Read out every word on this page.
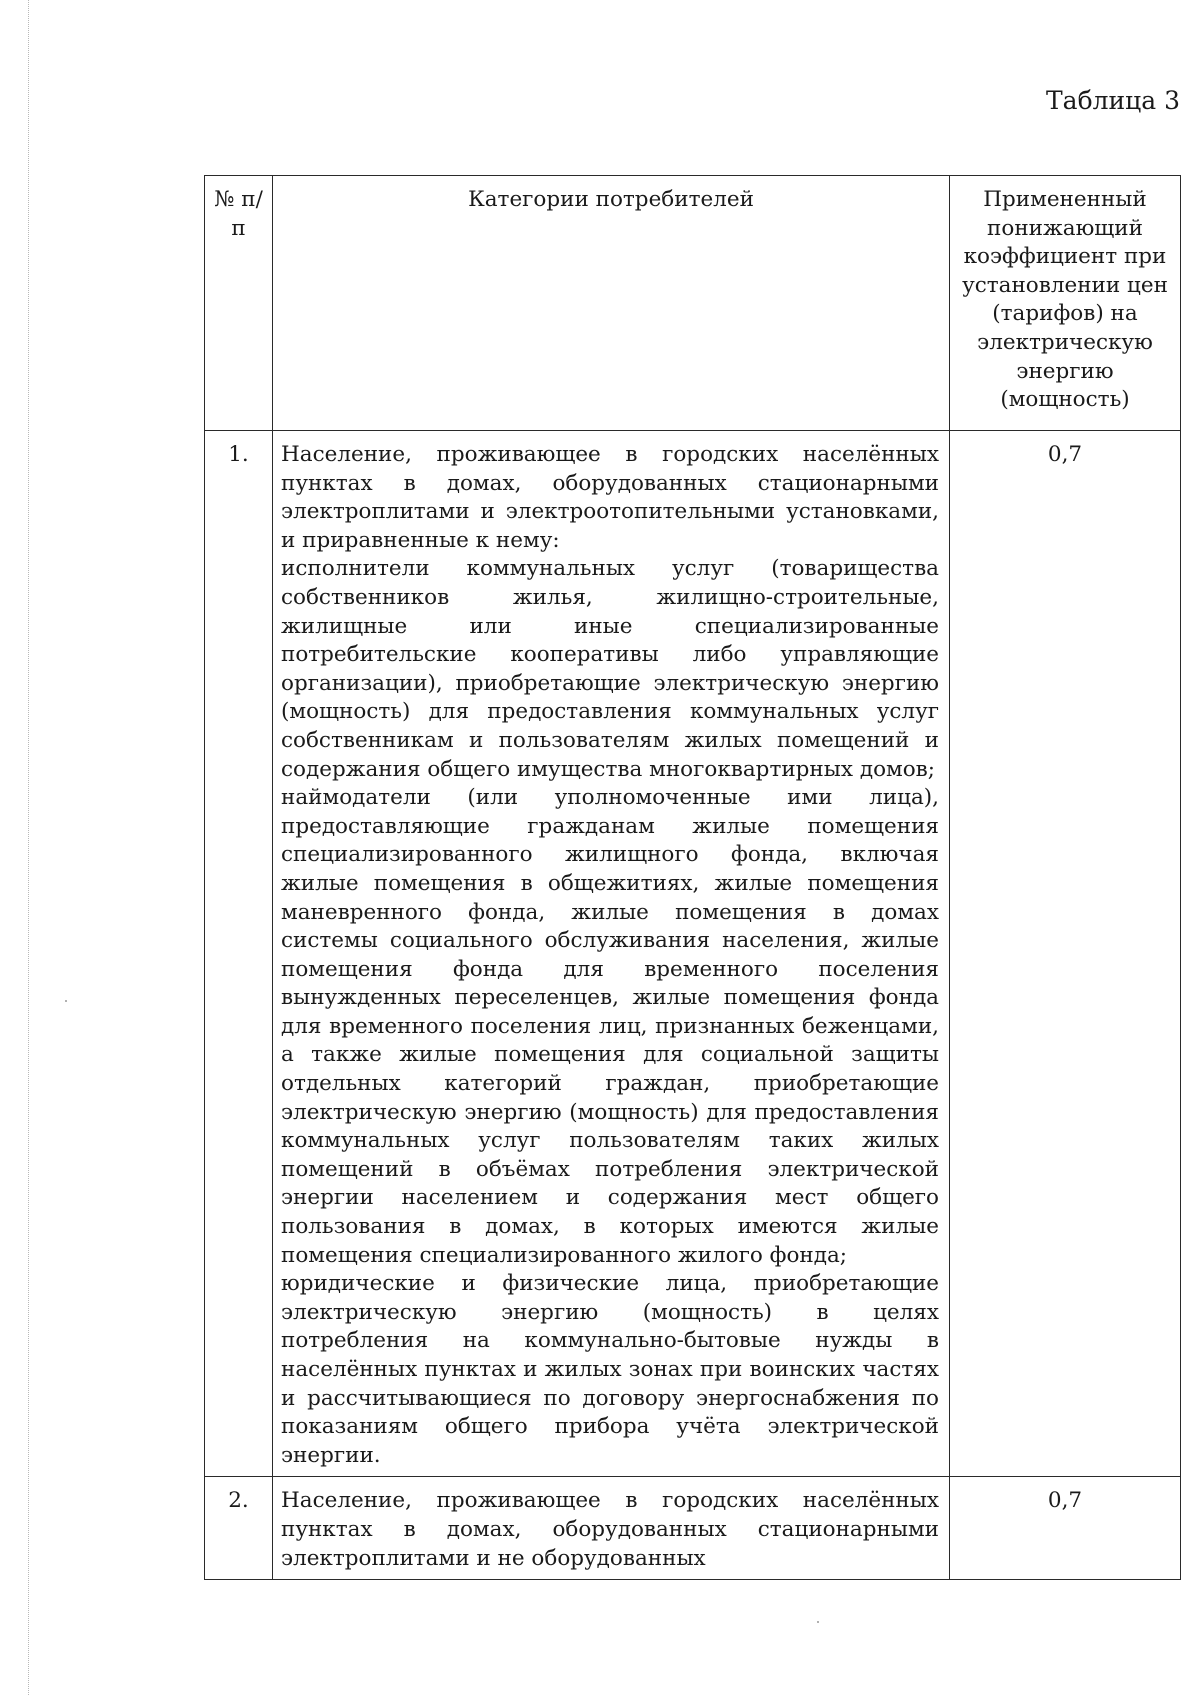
Таблица 3
№ п/п	Категории потребителей	Примененный понижающий коэффициент при установлении цен (тарифов) на электрическую энергию (мощность)
1.	Население, проживающее в городских населённых пунктах в домах, оборудованных стационарными электроплитами и электроотопительными установками, и приравненные к нему:
исполнители коммунальных услуг (товарищества собственников жилья, жилищно-строительные, жилищные или иные специализированные потребительские кооперативы либо управляющие организации), приобретающие электрическую энергию (мощность) для предоставления коммунальных услуг собственникам и пользователям жилых помещений и содержания общего имущества многоквартирных домов;
наймодатели (или уполномоченные ими лица), предоставляющие гражданам жилые помещения специализированного жилищного фонда, включая жилые помещения в общежитиях, жилые помещения маневренного фонда, жилые помещения в домах системы социального обслуживания населения, жилые помещения фонда для временного поселения вынужденных переселенцев, жилые помещения фонда для временного поселения лиц, признанных беженцами, а также жилые помещения для социальной защиты отдельных категорий граждан, приобретающие электрическую энергию (мощность) для предоставления коммунальных услуг пользователям таких жилых помещений в объёмах потребления электрической энергии населением и содержания мест общего пользования в домах, в которых имеются жилые помещения специализированного жилого фонда;
юридические и физические лица, приобретающие электрическую энергию (мощность) в целях потребления на коммунально-бытовые нужды в населённых пунктах и жилых зонах при воинских частях и рассчитывающиеся по договору энергоснабжения по показаниям общего прибора учёта электрической энергии.	0,7
2.	Население, проживающее в городских населённых пунктах в домах, оборудованных стационарными электроплитами и не оборудованных	0,7
